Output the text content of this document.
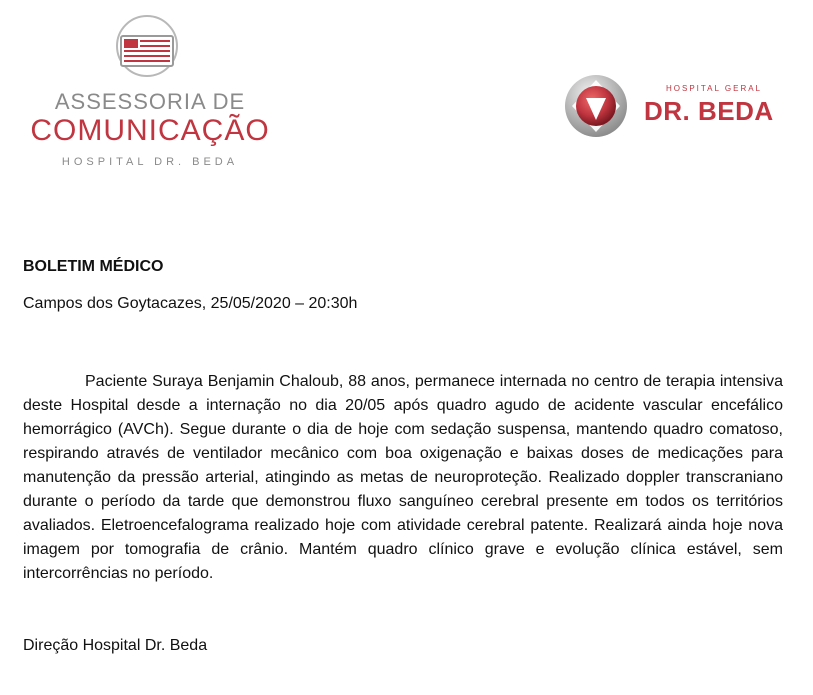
ASSESSORIA DE
COMUNICAÇÃO
HOSPITAL DR. BEDA
HOSPITAL GERAL
DR. BEDA
BOLETIM MÉDICO
Campos dos Goytacazes, 25/05/2020 – 20:30h

Paciente Suraya Benjamin Chaloub, 88 anos, permanece internada no centro de terapia intensiva deste Hospital desde a internação no dia 20/05 após quadro agudo de acidente vascular encefálico hemorrágico (AVCh). Segue durante o dia de hoje com sedação suspensa, mantendo quadro comatoso, respirando através de ventilador mecânico com boa oxigenação e baixas doses de medicações para manutenção da pressão arterial, atingindo as metas de neuroproteção. Realizado doppler transcraniano durante o período da tarde que demonstrou fluxo sanguíneo cerebral presente em todos os territórios avaliados. Eletroencefalograma realizado hoje com atividade cerebral patente. Realizará ainda hoje nova imagem por tomografia de crânio. Mantém quadro clínico grave e evolução clínica estável, sem intercorrências no período.

Direção Hospital Dr. Beda
